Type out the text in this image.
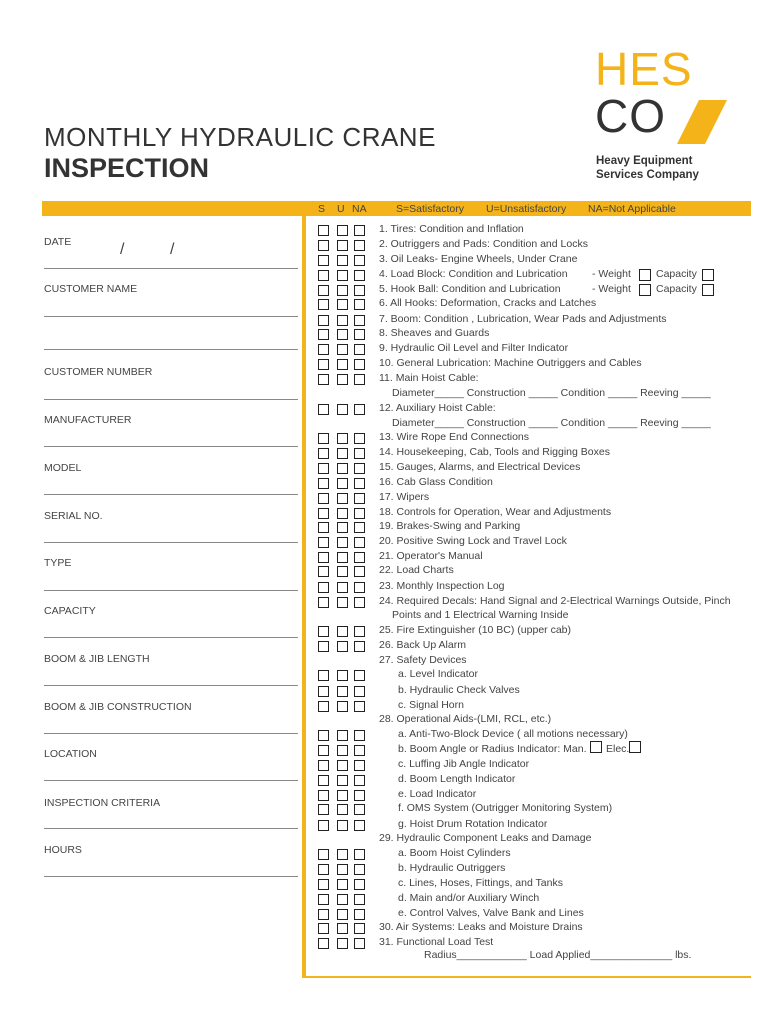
MONTHLY HYDRAULIC CRANE
INSPECTION
HES
CO
Heavy Equipment
Services Company
S U NA	S=Satisfactory U=Unsatisfactory NA=Not Applicable
DATE
CUSTOMER NAME
CUSTOMER NUMBER
MANUFACTURER
MODEL
SERIAL NO.
TYPE
CAPACITY
BOOM & JIB LENGTH
BOOM & JIB CONSTRUCTION
LOCATION
INSPECTION CRITERIA
HOURS
/	/
1. Tires: Condition and Inflation
2. Outriggers and Pads: Condition and Locks
3. Oil Leaks- Engine Wheels, Under Crane
4. Load Block: Condition and Lubrication
5. Hook Ball: Condition and Lubrication
6. All Hooks: Deformation, Cracks and Latches
7. Boom: Condition , Lubrication, Wear Pads and Adjustments
8. Sheaves and Guards
9. Hydraulic Oil Level and Filter Indicator
10. General Lubrication: Machine Outriggers and Cables
11. Main Hoist Cable:
Diameter_____ Construction _____ Condition _____ Reeving _____
12. Auxiliary Hoist Cable:
Diameter_____ Construction _____ Condition _____ Reeving _____
13. Wire Rope End Connections
14. Housekeeping, Cab, Tools and Rigging Boxes
15. Gauges, Alarms, and Electrical Devices
16. Cab Glass Condition
17. Wipers
18. Controls for Operation, Wear and Adjustments
19. Brakes-Swing and Parking
20. Positive Swing Lock and Travel Lock
21. Operator's Manual
22. Load Charts
23. Monthly Inspection Log
24. Required Decals: Hand Signal and 2-Electrical Warnings Outside, Pinch
Points and 1 Electrical Warning Inside
25. Fire Extinguisher (10 BC) (upper cab)
26. Back Up Alarm
27. Safety Devices
a. Level Indicator
b. Hydraulic Check Valves
c. Signal Horn
28. Operational Aids-(LMI, RCL, etc.)
a. Anti-Two-Block Device ( all motions necessary)
b. Boom Angle or Radius Indicator: Man.
c. Luffing Jib Angle Indicator
d. Boom Length Indicator
e. Load Indicator
f. OMS System (Outrigger Monitoring System)
g. Hoist Drum Rotation Indicator
29. Hydraulic Component Leaks and Damage
a. Boom Hoist Cylinders
b. Hydraulic Outriggers
c. Lines, Hoses, Fittings, and Tanks
d. Main and/or Auxiliary Winch
e. Control Valves, Valve Bank and Lines
30. Air Systems: Leaks and Moisture Drains
31. Functional Load Test
Radius____________ Load Applied______________ lbs.
- Weight Capacity
- Weight Capacity
Elec.
